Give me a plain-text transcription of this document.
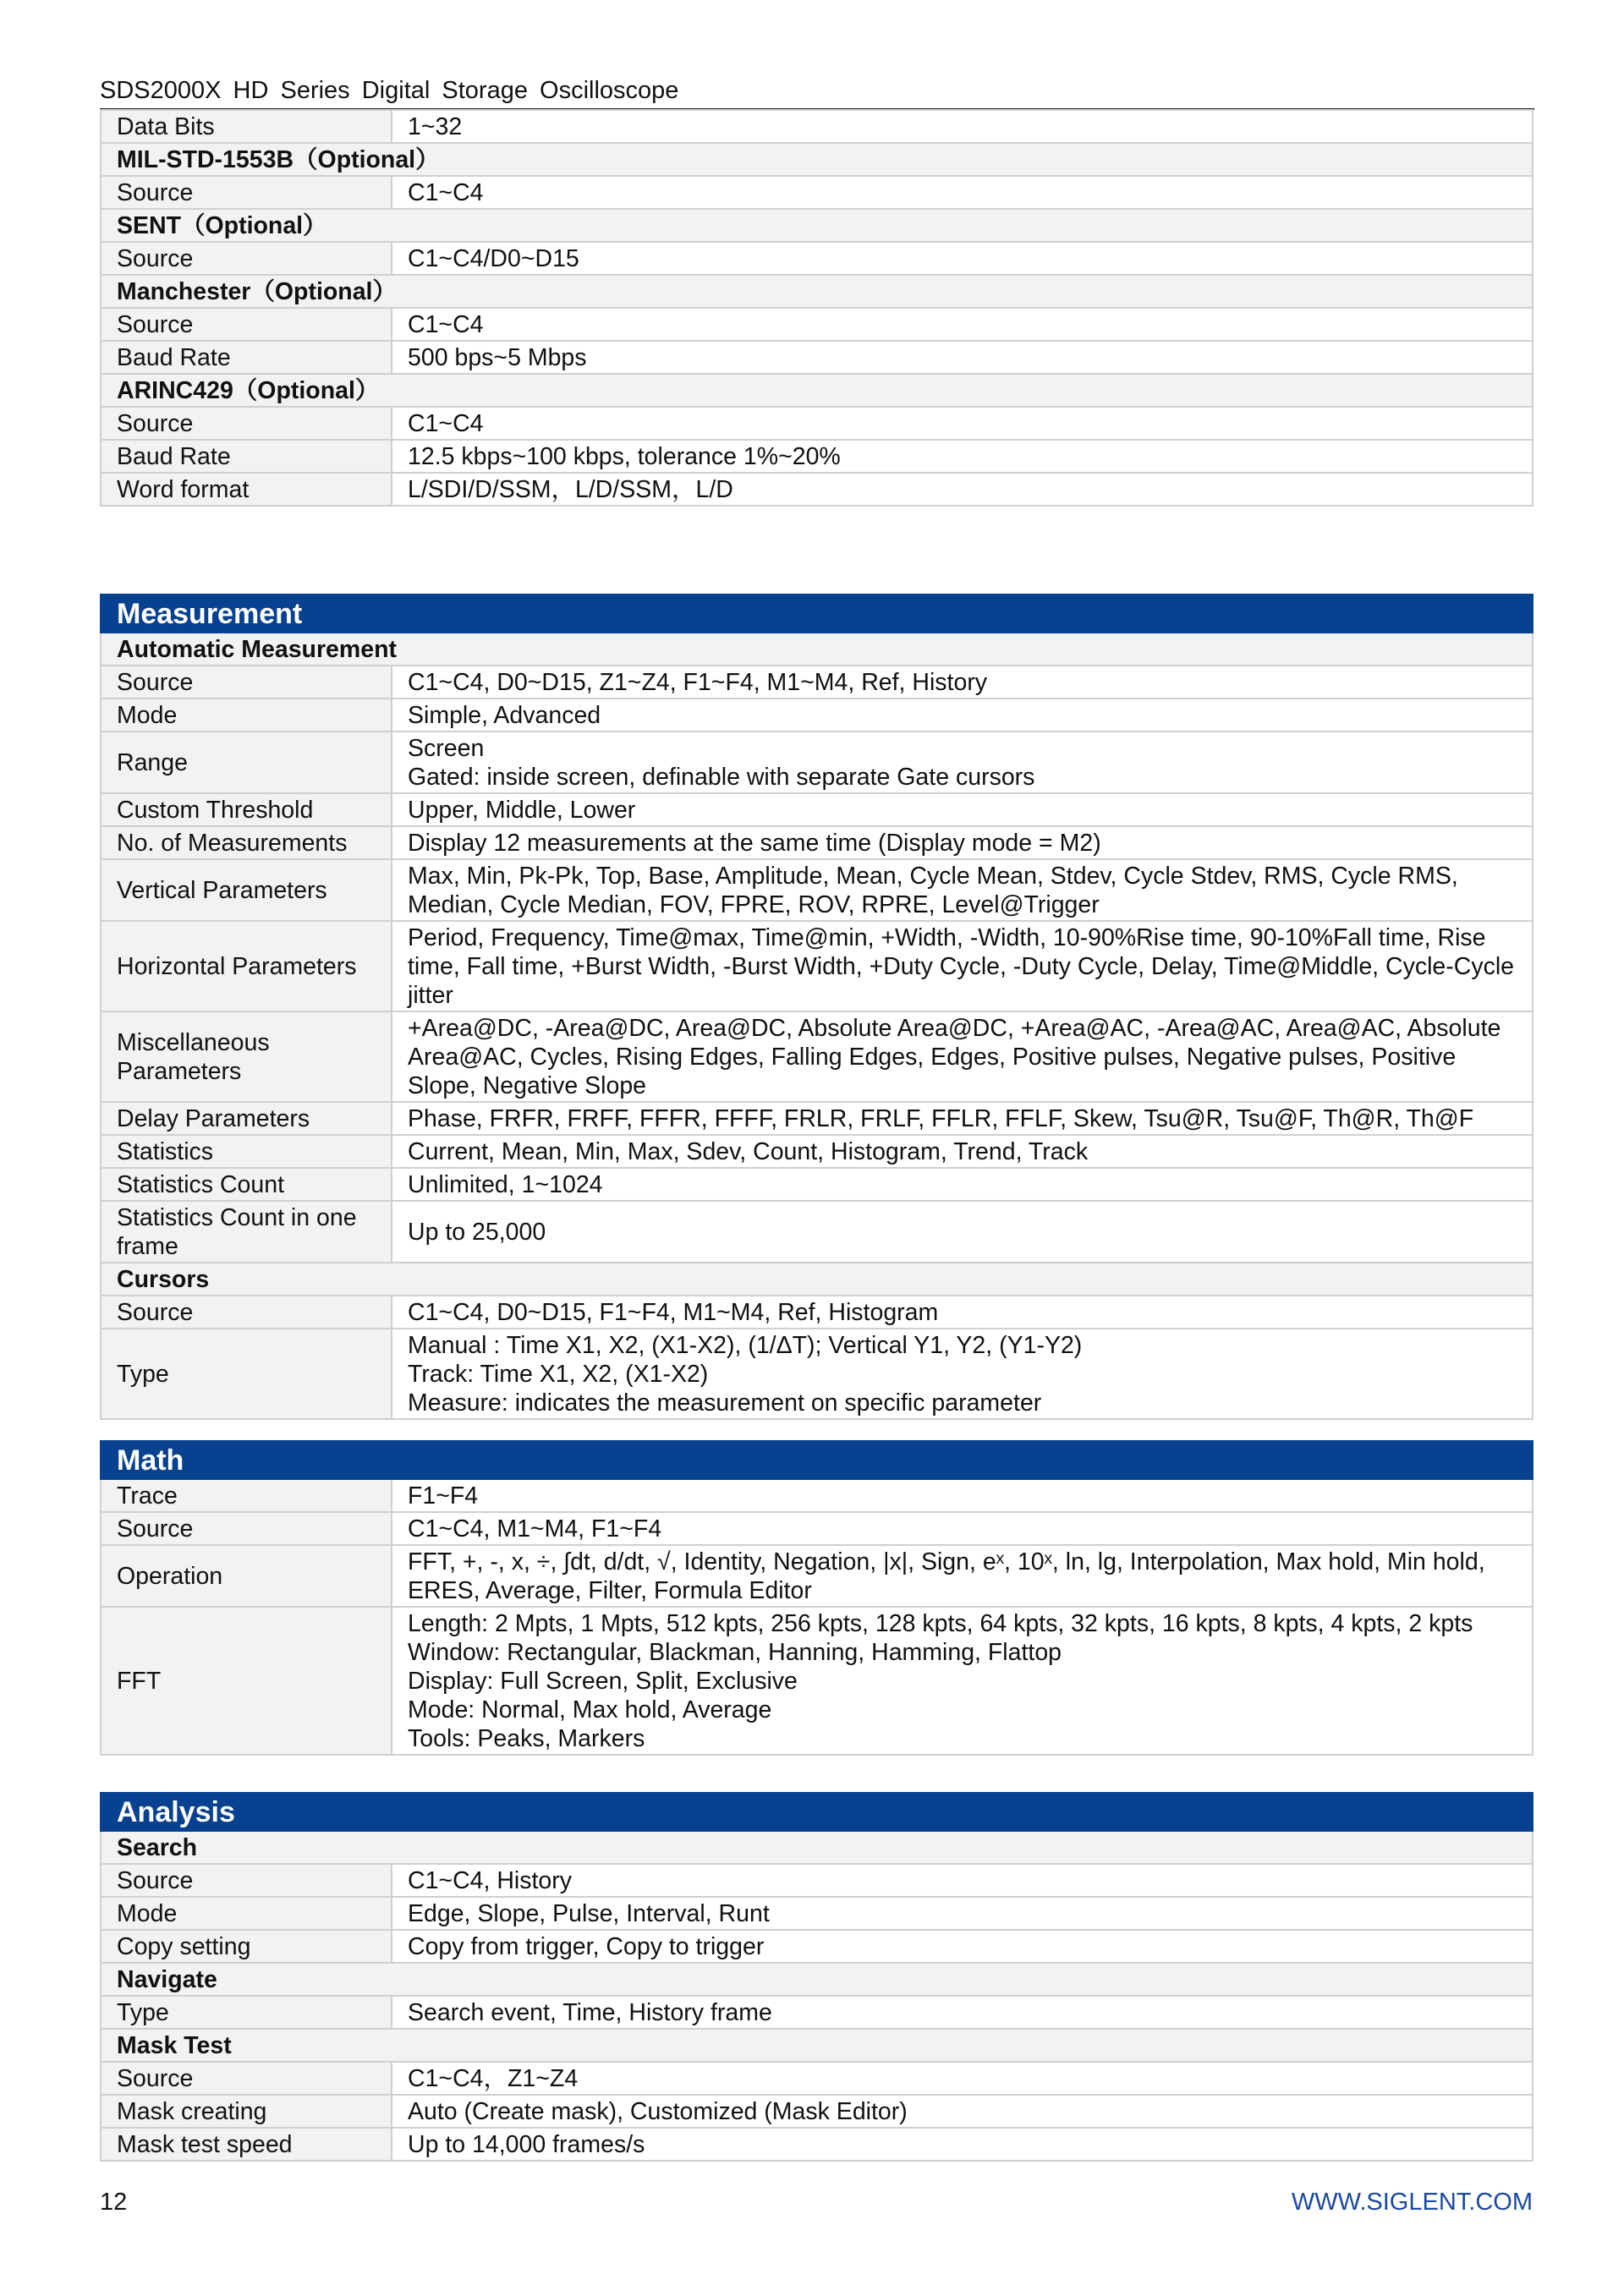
SDS2000X HD Series Digital Storage Oscilloscope
Data Bits	1~32
MIL-STD-1553B（Optional）	
Source	C1~C4
SENT（Optional）	
Source	C1~C4/D0~D15
Manchester（Optional）	
Source	C1~C4
Baud Rate	500 bps~5 Mbps
ARINC429（Optional）	
Source	C1~C4
Baud Rate	12.5 kbps~100 kbps, tolerance 1%~20%
Word format	L/SDI/D/SSM，L/D/SSM，L/D
Measurement	
Automatic Measurement	
Source	C1~C4, D0~D15, Z1~Z4, F1~F4, M1~M4, Ref, History
Mode	Simple, Advanced
Range	Screen
Gated: inside screen, definable with separate Gate cursors
Custom Threshold	Upper, Middle, Lower
No. of Measurements	Display 12 measurements at the same time (Display mode = M2)
Vertical Parameters	Max, Min, Pk-Pk, Top, Base, Amplitude, Mean, Cycle Mean, Stdev, Cycle Stdev, RMS, Cycle RMS, Median, Cycle Median, FOV, FPRE, ROV, RPRE, Level@Trigger
Horizontal Parameters	Period, Frequency, Time@max, Time@min, +Width, -Width, 10-90%Rise time, 90-10%Fall time, Rise time, Fall time, +Burst Width, -Burst Width, +Duty Cycle, -Duty Cycle, Delay, Time@Middle, Cycle-Cycle jitter
Miscellaneous Parameters	+Area@DC, -Area@DC, Area@DC, Absolute Area@DC, +Area@AC, -Area@AC, Area@AC, Absolute Area@AC, Cycles, Rising Edges, Falling Edges, Edges, Positive pulses, Negative pulses, Positive Slope, Negative Slope
Delay Parameters	Phase, FRFR, FRFF, FFFR, FFFF, FRLR, FRLF, FFLR, FFLF, Skew, Tsu@R, Tsu@F, Th@R, Th@F
Statistics	Current, Mean, Min, Max, Sdev, Count, Histogram, Trend, Track
Statistics Count	Unlimited, 1~1024
Statistics Count in one frame	Up to 25,000
Cursors	
Source	C1~C4, D0~D15, F1~F4, M1~M4, Ref, Histogram
Type	Manual : Time X1, X2, (X1-X2), (1/ΔT); Vertical Y1, Y2, (Y1-Y2)
Track: Time X1, X2, (X1-X2)
Measure: indicates the measurement on specific parameter
Math	
Trace	F1~F4
Source	C1~C4, M1~M4, F1~F4
Operation	FFT, +, -, x, ÷, ∫dt, d/dt, √, Identity, Negation, |x|, Sign, eˣ, 10ˣ, ln, lg, Interpolation, Max hold, Min hold, ERES, Average, Filter, Formula Editor
FFT	Length: 2 Mpts, 1 Mpts, 512 kpts, 256 kpts, 128 kpts, 64 kpts, 32 kpts, 16 kpts, 8 kpts, 4 kpts, 2 kpts
Window: Rectangular, Blackman, Hanning, Hamming, Flattop
Display: Full Screen, Split, Exclusive
Mode: Normal, Max hold, Average
Tools: Peaks, Markers
Analysis	
Search	
Source	C1~C4, History
Mode	Edge, Slope, Pulse, Interval, Runt
Copy setting	Copy from trigger, Copy to trigger
Navigate	
Type	Search event, Time, History frame
Mask Test	
Source	C1~C4，Z1~Z4
Mask creating	Auto (Create mask), Customized (Mask Editor)
Mask test speed	Up to 14,000 frames/s
12	WWW.SIGLENT.COM
